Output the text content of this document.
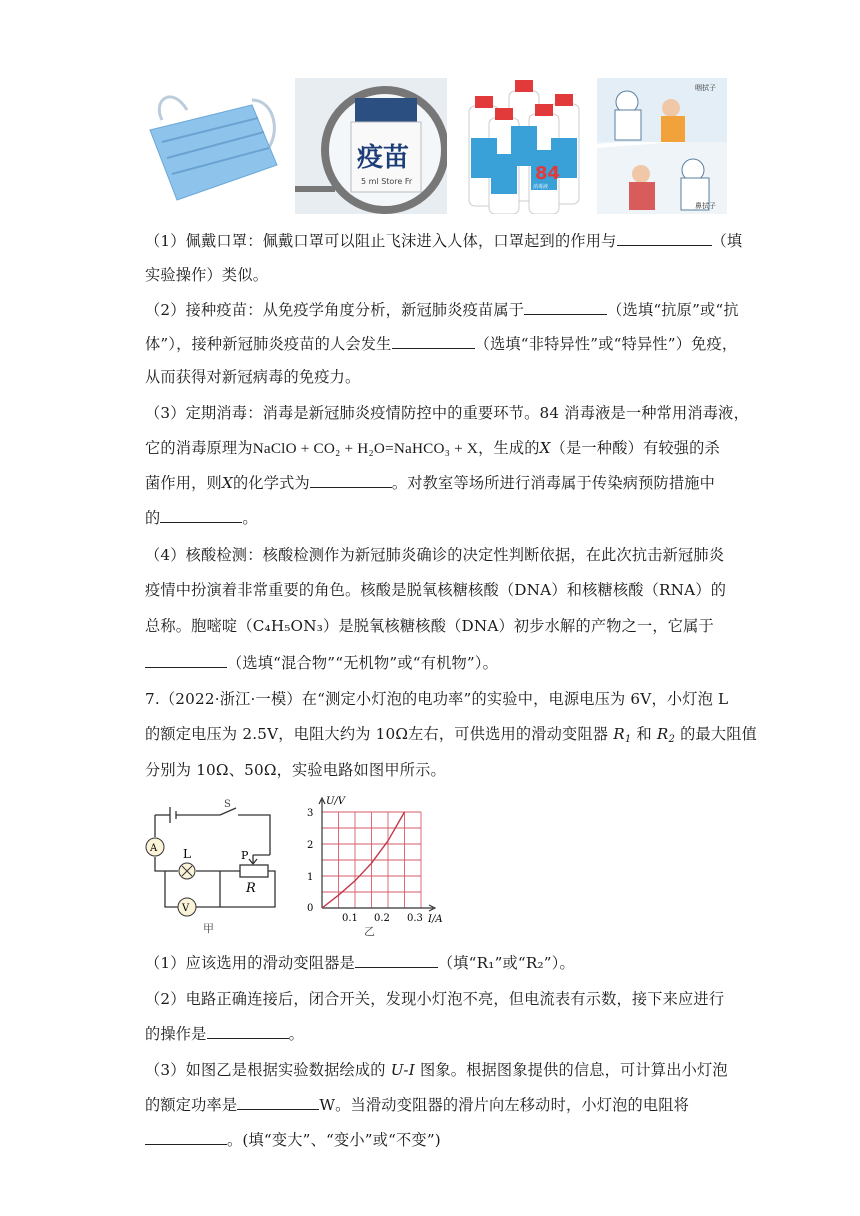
疫苗
5 ml Store Fr	84
消毒液
咽拭子
鼻拭子
（1）佩戴口罩：佩戴口罩可以阻止飞沫进入人体，口罩起到的作用与	（填
实验操作）类似。
（2）接种疫苗：从免疫学角度分析，新冠肺炎疫苗属于	（选填“抗原”或“抗
体”），接种新冠肺炎疫苗的人会发生	（选填“非特异性”或“特异性”）免疫，
从而获得对新冠病毒的免疫力。
（3）定期消毒：消毒是新冠肺炎疫情防控中的重要环节。84 消毒液是一种常用消毒液，
它的消毒原理为NaClO + CO₂ + H₂O=NaHCO₃ + X，生成的X（是一种酸）有较强的杀
菌作用，则X的化学式为	。对教室等场所进行消毒属于传染病预防措施中
的	。
（4）核酸检测：核酸检测作为新冠肺炎确诊的决定性判断依据，在此次抗击新冠肺炎
疫情中扮演着非常重要的角色。核酸是脱氧核糖核酸（DNA）和核糖核酸（RNA）的
总称。胞嘧啶（C₄H₅ON₃）是脱氧核糖核酸（DNA）初步水解的产物之一，它属于
（选填“混合物”“无机物”或“有机物”）。
7.（2022·浙江·一模）在“测定小灯泡的电功率”的实验中，电源电压为 6V，小灯泡 L
的额定电压为 2.5V，电阻大约为 10Ω左右，可供选用的滑动变阻器 $R_1$ 和 $R_2$ 的最大阻值
分别为 10Ω、50Ω，实验电路如图甲所示。
A
V
S
L	P
R
甲
U/V
I/A
3
2
1
0
0.1 0.2 0.3
乙
（1）应该选用的滑动变阻器是	（填“R₁”或“R₂”）。
（2）电路正确连接后，闭合开关，发现小灯泡不亮，但电流表有示数，接下来应进行
的操作是	。
（3）如图乙是根据实验数据绘成的 U-I 图象。根据图象提供的信息，可计算出小灯泡
的额定功率是	W。当滑动变阻器的滑片向左移动时，小灯泡的电阻将
。(填“变大”、“变小”或“不变”)
